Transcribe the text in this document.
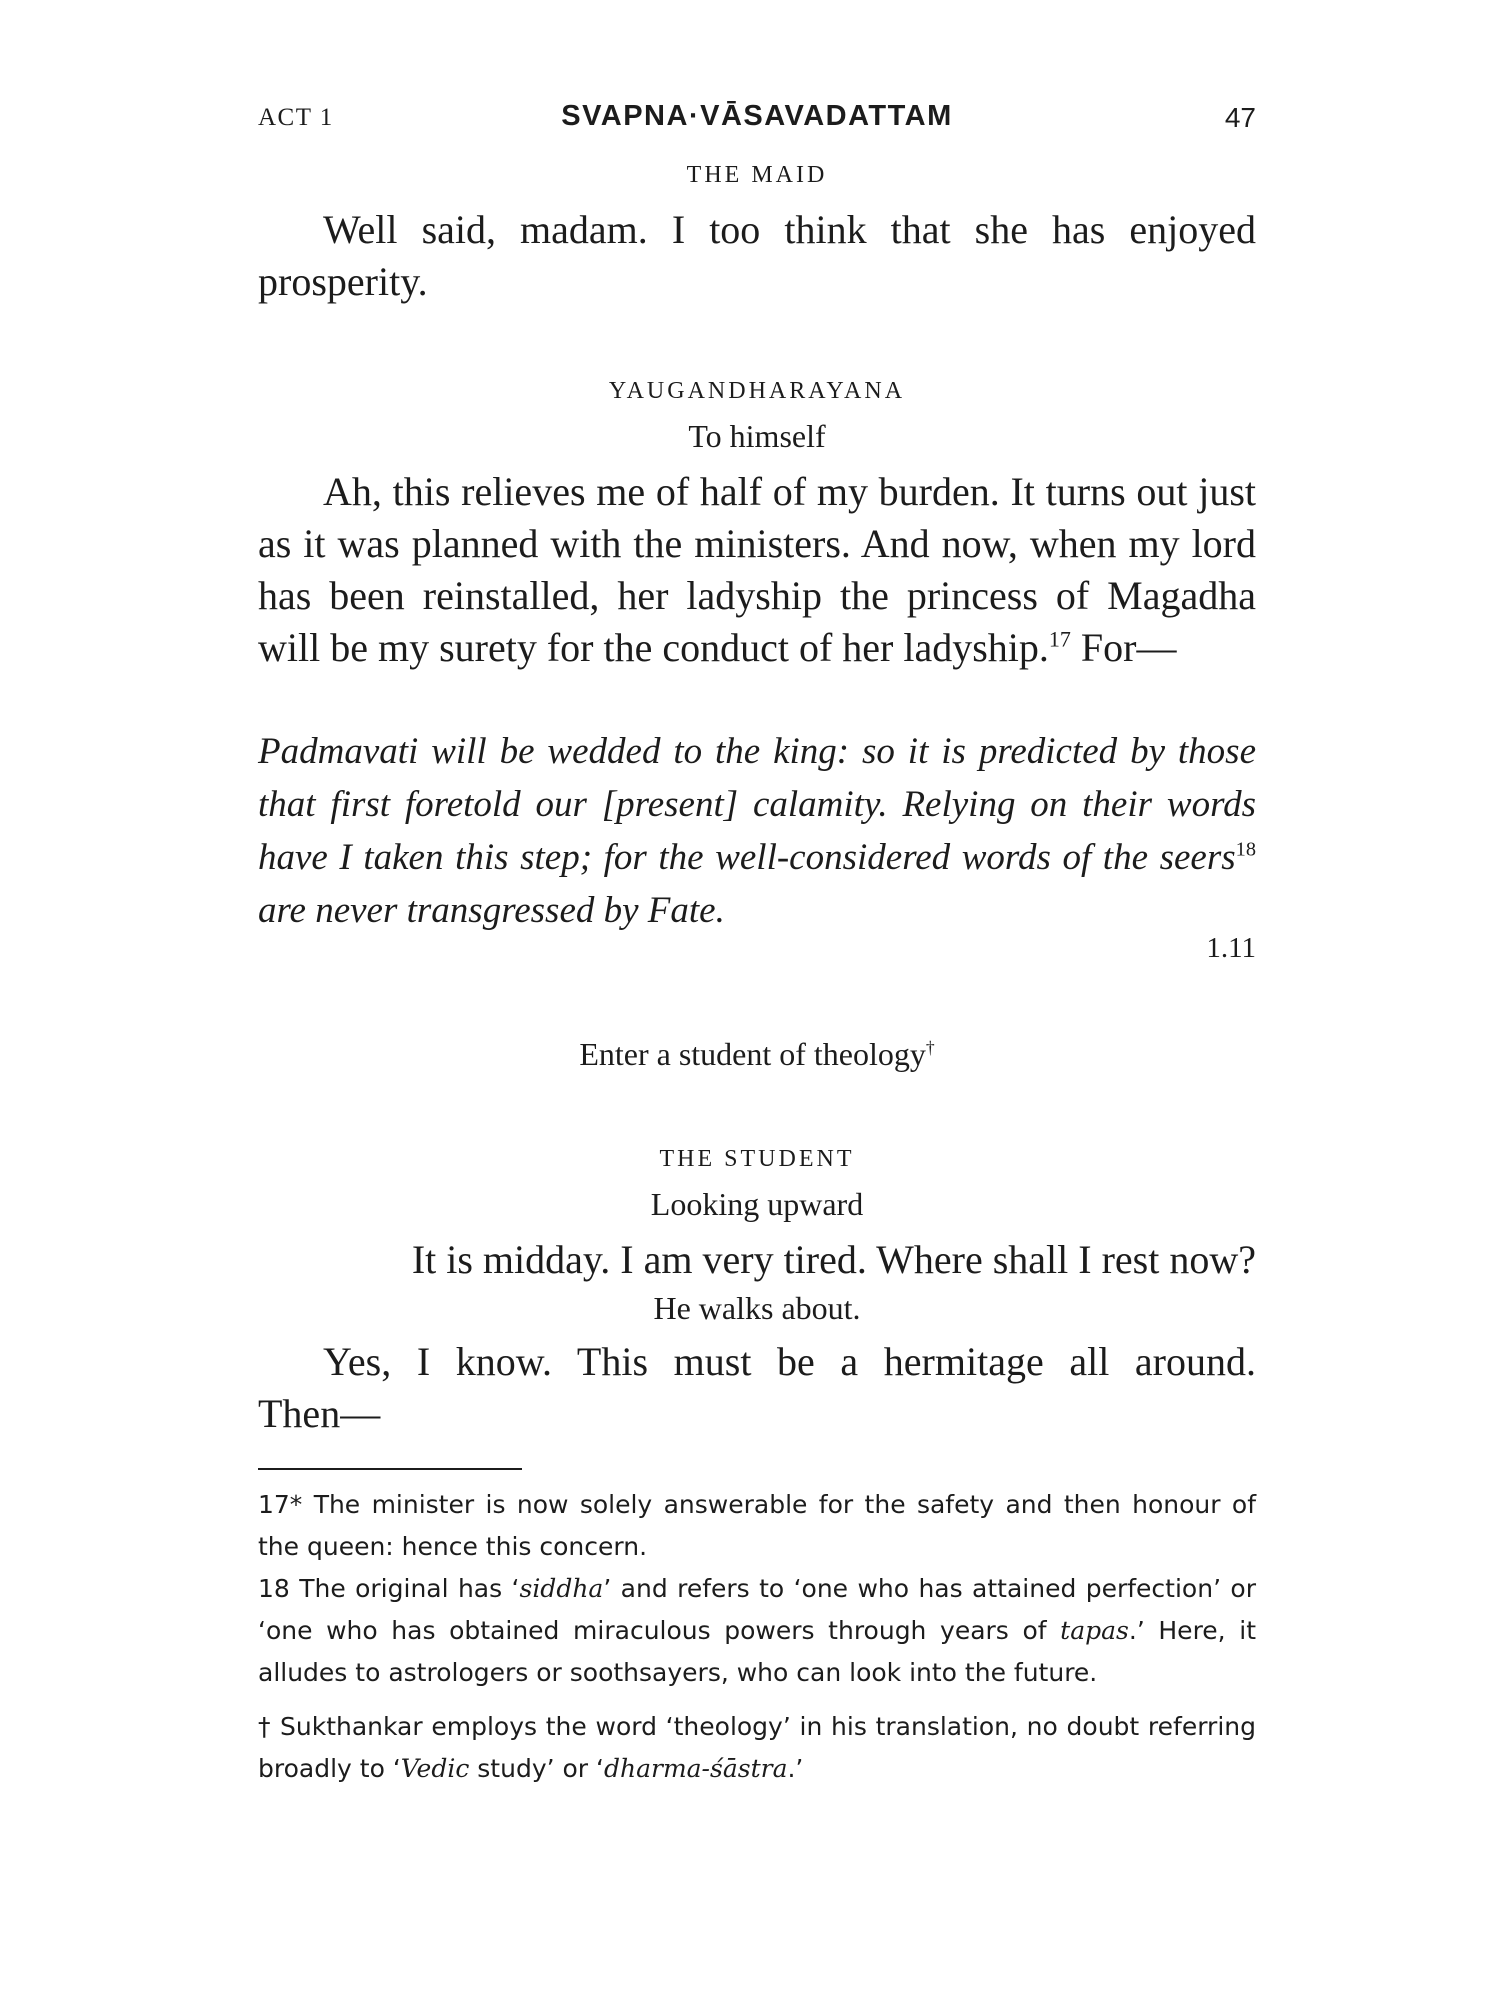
ACT 1	SVAPNA·VĀSAVADATTAM	47
THE MAID

Well said, madam. I too think that she has enjoyed

prosperity.

YAUGANDHARAYANA
To himself

Ah, this relieves me of half of my burden. It turns out just as it was planned with the ministers. And now, when my lord has been reinstalled, her ladyship the princess of Magadha will be my surety for the conduct of her ladyship.$^{17}$ For—

Padmavati will be wedded to the king: so it is predicted by those that first foretold our [present] calamity. Relying on their words have I taken this step; for the well-considered words of the seers$^{18}$ are never transgressed by Fate.
1.11
Enter a student of theology†
THE STUDENT
Looking upward

It is midday. I am very tired. Where shall I rest now?

He walks about.

Yes, I know. This must be a hermitage all around.

Then—

17* The minister is now solely answerable for the safety and then honour of the queen: hence this concern.

18 The original has ‘siddha’ and refers to ‘one who has attained perfection’ or ‘one who has obtained miraculous powers through years of tapas.’ Here, it alludes to astrologers or soothsayers, who can look into the future.

† Sukthankar employs the word ‘theology’ in his translation, no doubt referring broadly to ‘Vedic study’ or ‘dharma-śāstra.’
